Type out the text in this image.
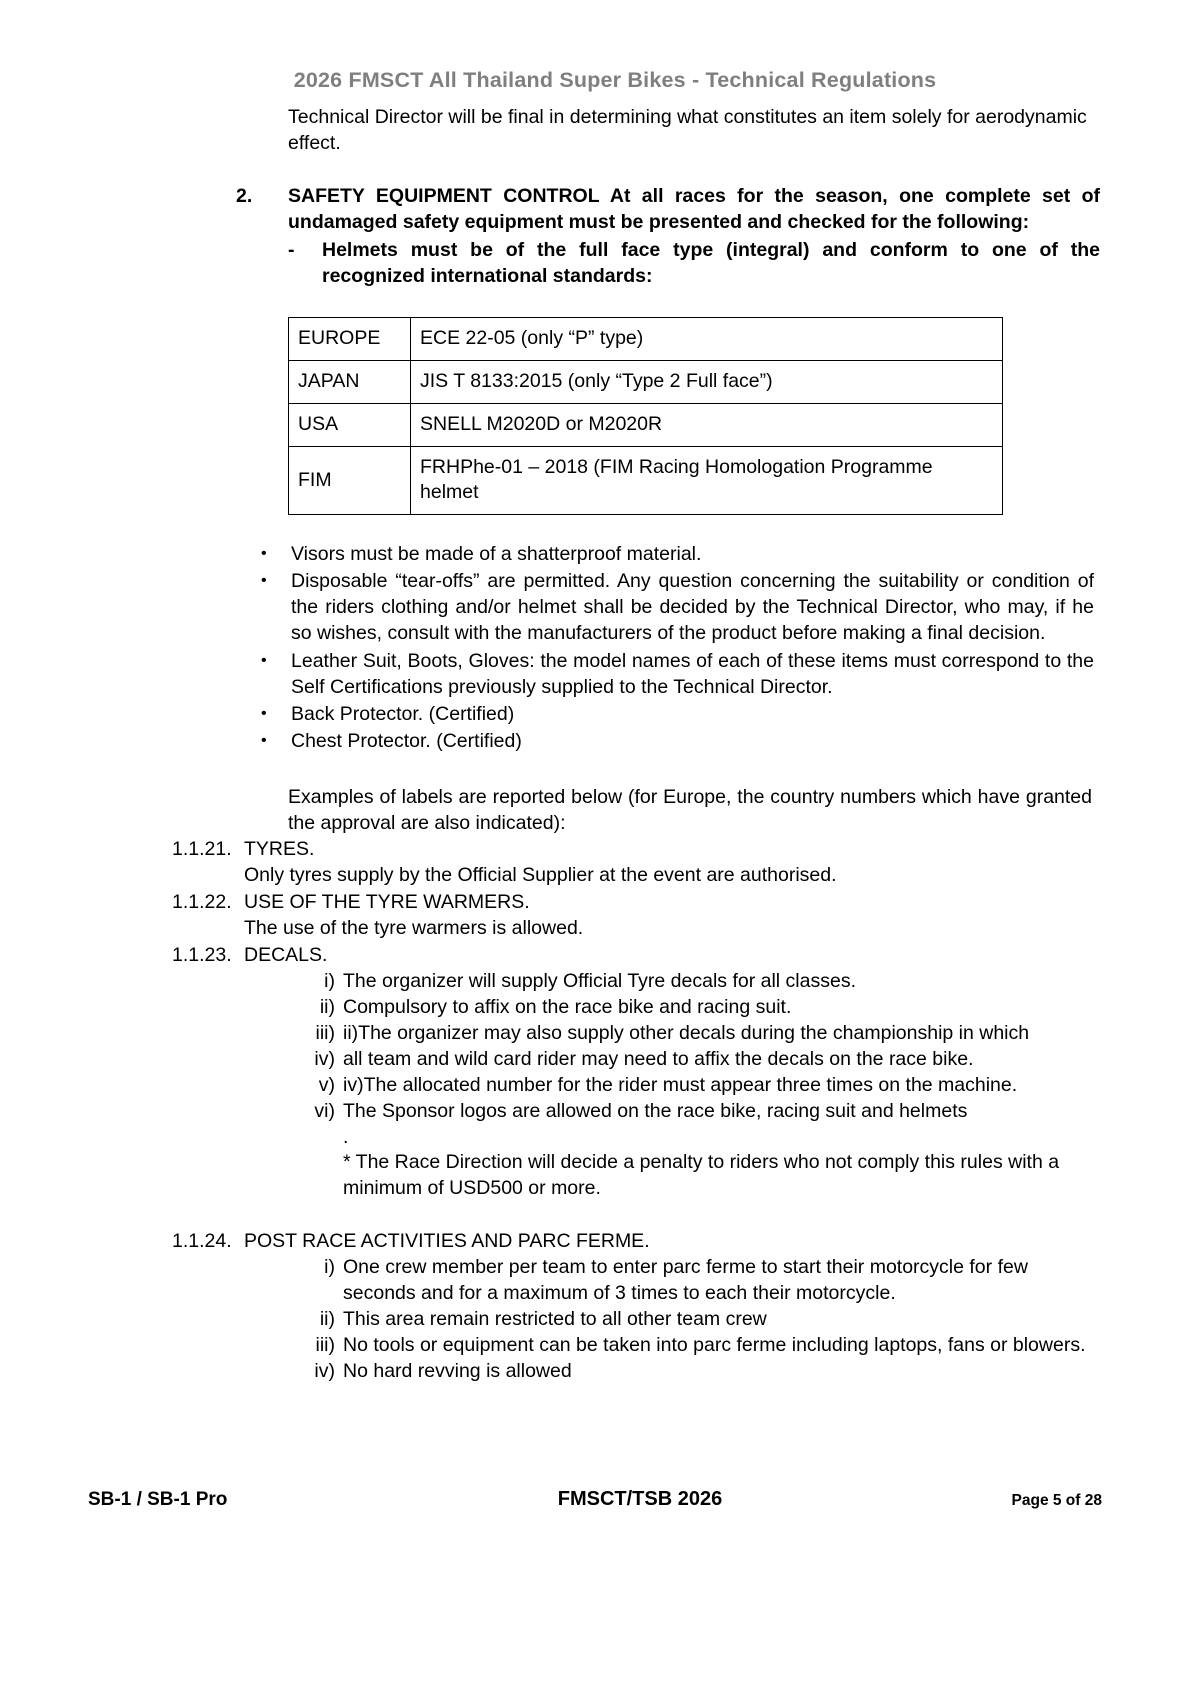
2026 FMSCT All Thailand Super Bikes - Technical Regulations
Technical Director will be final in determining what constitutes an item solely for aerodynamic effect.
2.	SAFETY EQUIPMENT CONTROL At all races for the season, one complete set of undamaged safety equipment must be presented and checked for the following:
-	Helmets must be of the full face type (integral) and conform to one of the recognized international standards:
EUROPE	ECE 22-05 (only “P” type)
JAPAN	JIS T 8133:2015 (only “Type 2 Full face”)
USA	SNELL M2020D or M2020R
FIM	FRHPhe-01 – 2018 (FIM Racing Homologation Programme helmet
•	Visors must be made of a shatterproof material.
•	Disposable “tear-offs” are permitted. Any question concerning the suitability or condition of the riders clothing and/or helmet shall be decided by the Technical Director, who may, if he so wishes, consult with the manufacturers of the product before making a final decision.
•	Leather Suit, Boots, Gloves: the model names of each of these items must correspond to the Self Certifications previously supplied to the Technical Director.
•	Back Protector. (Certified)
•	Chest Protector. (Certified)
Examples of labels are reported below (for Europe, the country numbers which have granted the approval are also indicated):
1.1.21. TYRES.
Only tyres supply by the Official Supplier at the event are authorised.
1.1.22. USE OF THE TYRE WARMERS.
The use of the tyre warmers is allowed.
1.1.23. DECALS.
i) The organizer will supply Official Tyre decals for all classes.
ii) Compulsory to affix on the race bike and racing suit.
iii) ii)The organizer may also supply other decals during the championship in which
iv) all team and wild card rider may need to affix the decals on the race bike.
v) iv)The allocated number for the rider must appear three times on the machine.
vi) The Sponsor logos are allowed on the race bike, racing suit and helmets
.
* The Race Direction will decide a penalty to riders who not comply this rules with a minimum of USD500 or more.
1.1.24. POST RACE ACTIVITIES AND PARC FERME.
i) One crew member per team to enter parc ferme to start their motorcycle for few seconds and for a maximum of 3 times to each their motorcycle.
ii) This area remain restricted to all other team crew
iii) No tools or equipment can be taken into parc ferme including laptops, fans or blowers.
iv) No hard revving is allowed
SB-1 / SB-1 Pro	FMSCT/TSB 2026	Page 5 of 28
